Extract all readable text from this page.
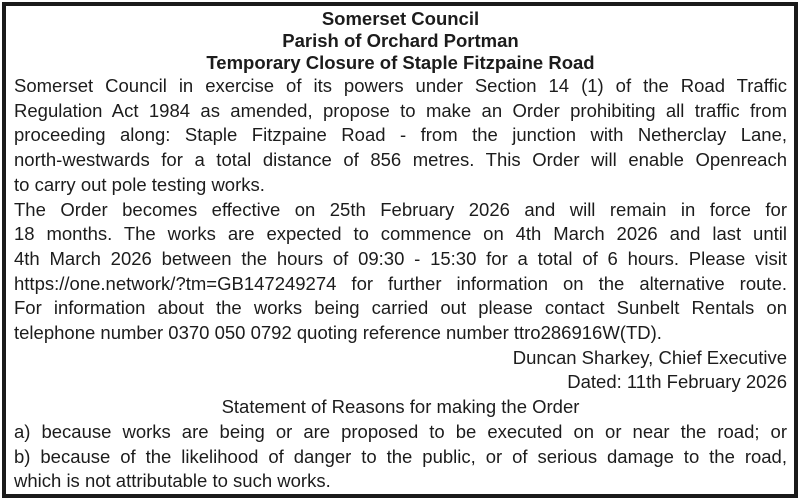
Somerset Council
Parish of Orchard Portman
Temporary Closure of Staple Fitzpaine Road
Somerset Council in exercise of its powers under Section 14 (1) of the Road Traffic
Regulation Act 1984 as amended, propose to make an Order prohibiting all traffic from
proceeding along: Staple Fitzpaine Road - from the junction with Netherclay Lane,
north-westwards for a total distance of 856 metres. This Order will enable Openreach
to carry out pole testing works.
The Order becomes effective on 25th February 2026 and will remain in force for
18 months. The works are expected to commence on 4th March 2026 and last until
4th March 2026 between the hours of 09:30 - 15:30 for a total of 6 hours. Please visit
https://one.network/?tm=GB147249274 for further information on the alternative route.
For information about the works being carried out please contact Sunbelt Rentals on
telephone number 0370 050 0792 quoting reference number ttro286916W(TD).
Duncan Sharkey, Chief Executive
Dated: 11th February 2026
Statement of Reasons for making the Order
a) because works are being or are proposed to be executed on or near the road; or
b) because of the likelihood of danger to the public, or of serious damage to the road,
which is not attributable to such works.
